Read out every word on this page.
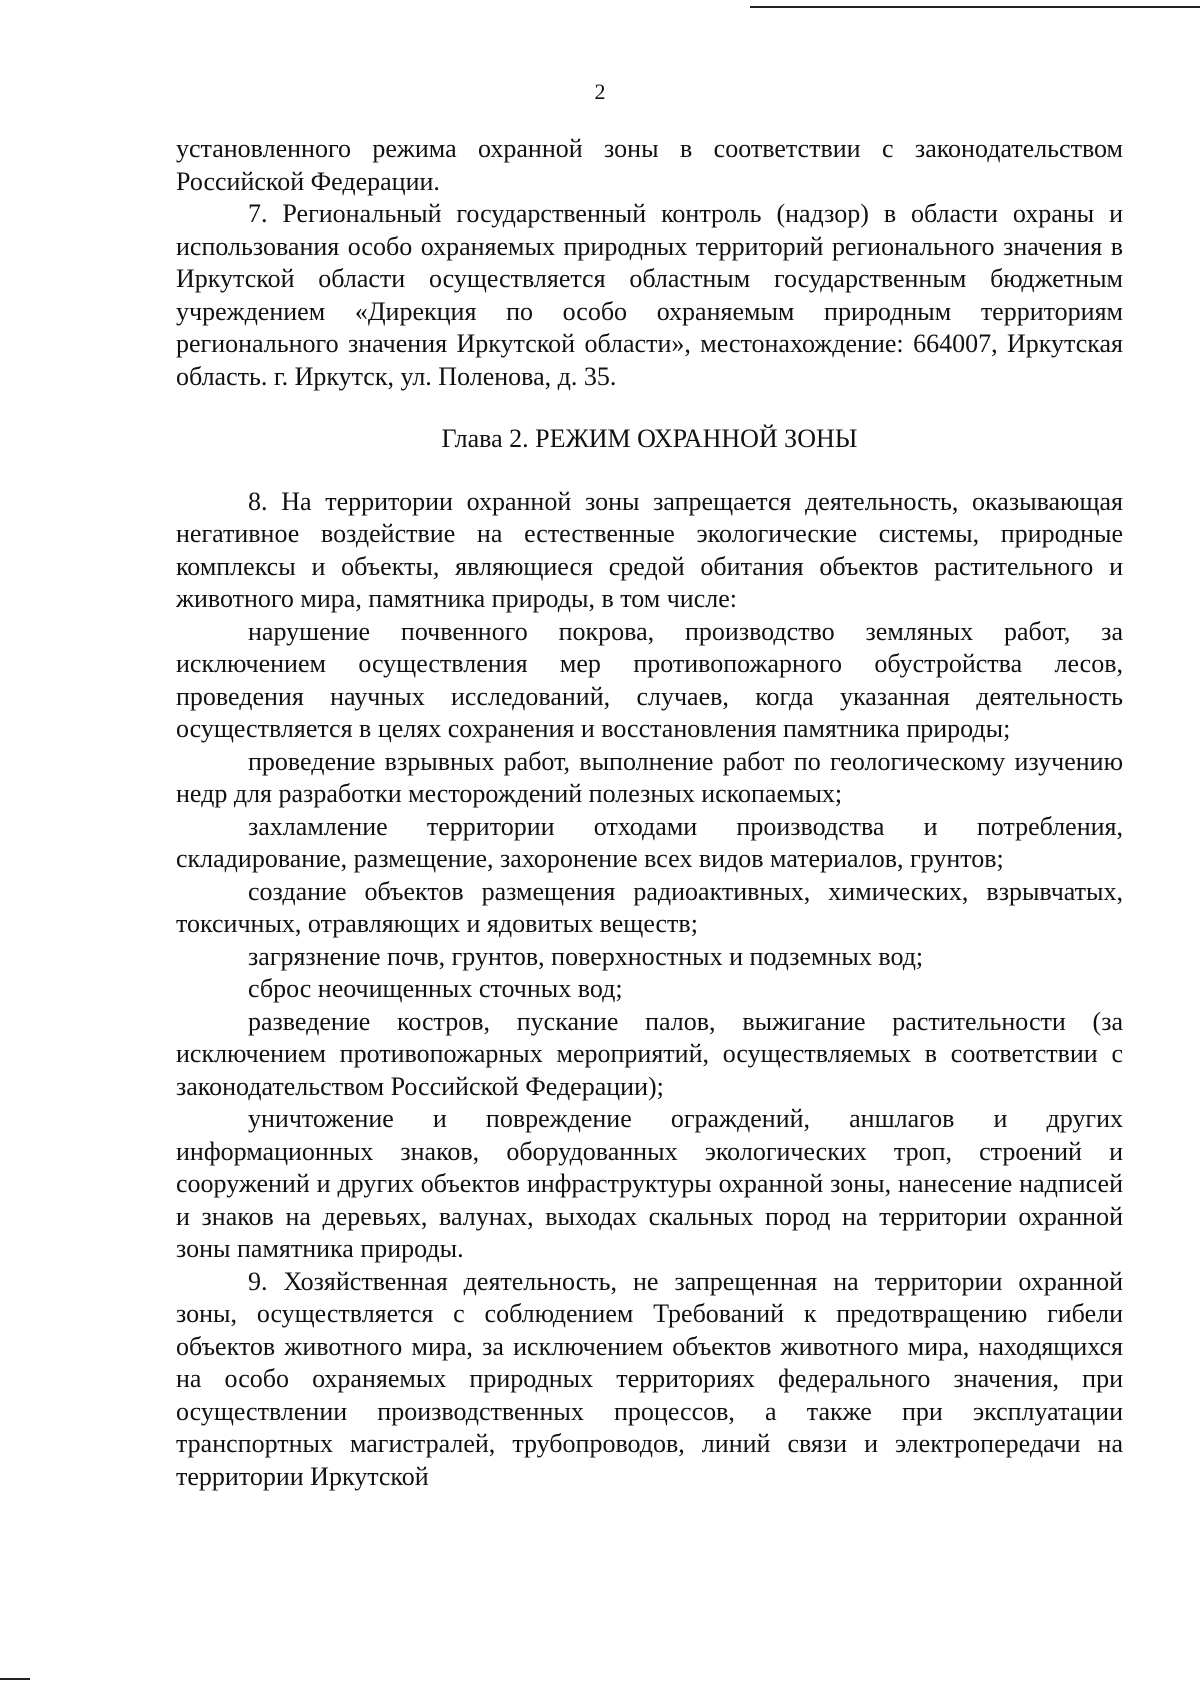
2

установленного режима охранной зоны в соответствии с законодательством Российской Федерации.

7. Региональный государственный контроль (надзор) в области охраны и использования особо охраняемых природных территорий регионального значения в Иркутской области осуществляется областным государственным бюджетным учреждением «Дирекция по особо охраняемым природным территориям регионального значения Иркутской области», местонахождение: 664007, Иркутская область. г. Иркутск, ул. Поленова, д. 35.

Глава 2. РЕЖИМ ОХРАННОЙ ЗОНЫ

8. На территории охранной зоны запрещается деятельность, оказывающая негативное воздействие на естественные экологические системы, природные комплексы и объекты, являющиеся средой обитания объектов растительного и животного мира, памятника природы, в том числе:

нарушение почвенного покрова, производство земляных работ, за исключением осуществления мер противопожарного обустройства лесов, проведения научных исследований, случаев, когда указанная деятельность осуществляется в целях сохранения и восстановления памятника природы;

проведение взрывных работ, выполнение работ по геологическому изучению недр для разработки месторождений полезных ископаемых;

захламление территории отходами производства и потребления, складирование, размещение, захоронение всех видов материалов, грунтов;

создание объектов размещения радиоактивных, химических, взрывчатых, токсичных, отравляющих и ядовитых веществ;

загрязнение почв, грунтов, поверхностных и подземных вод;

сброс неочищенных сточных вод;

разведение костров, пускание палов, выжигание растительности (за исключением противопожарных мероприятий, осуществляемых в соответствии с законодательством Российской Федерации);

уничтожение и повреждение ограждений, аншлагов и других информационных знаков, оборудованных экологических троп, строений и сооружений и других объектов инфраструктуры охранной зоны, нанесение надписей и знаков на деревьях, валунах, выходах скальных пород на территории охранной зоны памятника природы.

9. Хозяйственная деятельность, не запрещенная на территории охранной зоны, осуществляется с соблюдением Требований к предотвращению гибели объектов животного мира, за исключением объектов животного мира, находящихся на особо охраняемых природных территориях федерального значения, при осуществлении производственных процессов, а также при эксплуатации транспортных магистралей, трубопроводов, линий связи и электропередачи на территории Иркутской
